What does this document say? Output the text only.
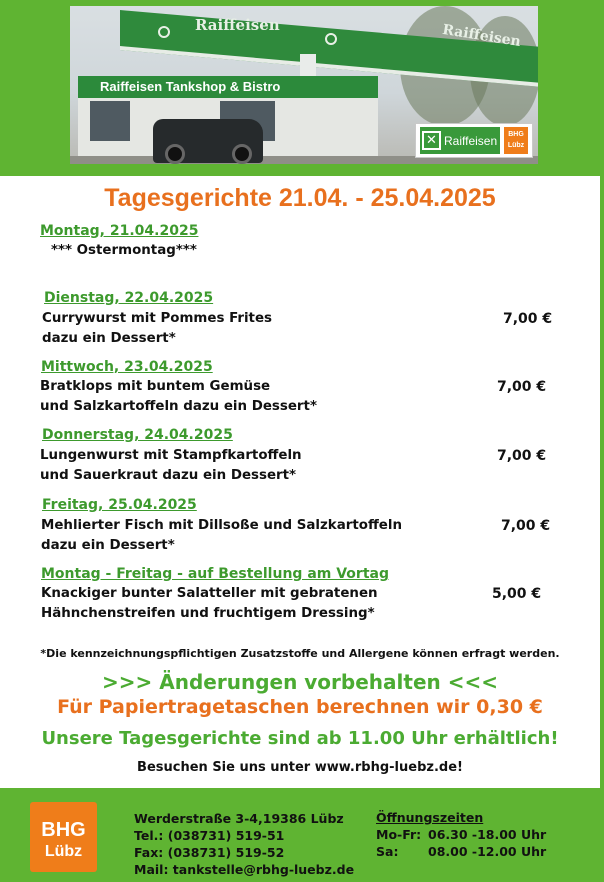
Raiffeisen	Raiffeisen
Raiffeisen Tankshop & Bistro
✕ Raiffeisen	BHG
Lübz
Tagesgerichte 21.04. - 25.04.2025
Montag, 21.04.2025
*** Ostermontag***
Dienstag, 22.04.2025
Currywurst mit Pommes Frites
dazu ein Dessert*
7,00 €
Mittwoch, 23.04.2025
Bratklops mit buntem Gemüse
und Salzkartoffeln dazu ein Dessert*
7,00 €
Donnerstag, 24.04.2025
Lungenwurst mit Stampfkartoffeln
und Sauerkraut dazu ein Dessert*
7,00 €
Freitag, 25.04.2025
Mehlierter Fisch mit Dillsoße und Salzkartoffeln
dazu ein Dessert*
7,00 €
Montag - Freitag - auf Bestellung am Vortag
Knackiger bunter Salatteller mit gebratenen
Hähnchenstreifen und fruchtigem Dressing*
5,00 €
*Die kennzeichnungspflichtigen Zusatzstoffe und Allergene können erfragt werden.
>>> Änderungen vorbehalten <<<
Für Papiertragetaschen berechnen wir 0,30 €
Unsere Tagesgerichte sind ab 11.00 Uhr erhältlich!
Besuchen Sie uns unter www.rbhg-luebz.de!
BHG
Lübz
Werderstraße 3-4,19386 Lübz
Tel.: (038731) 519-51
Fax: (038731) 519-52
Mail: tankstelle@rbhg-luebz.de
Öffnungszeiten
Mo-Fr: 06.30 -18.00 Uhr
Sa: 08.00 -12.00 Uhr
